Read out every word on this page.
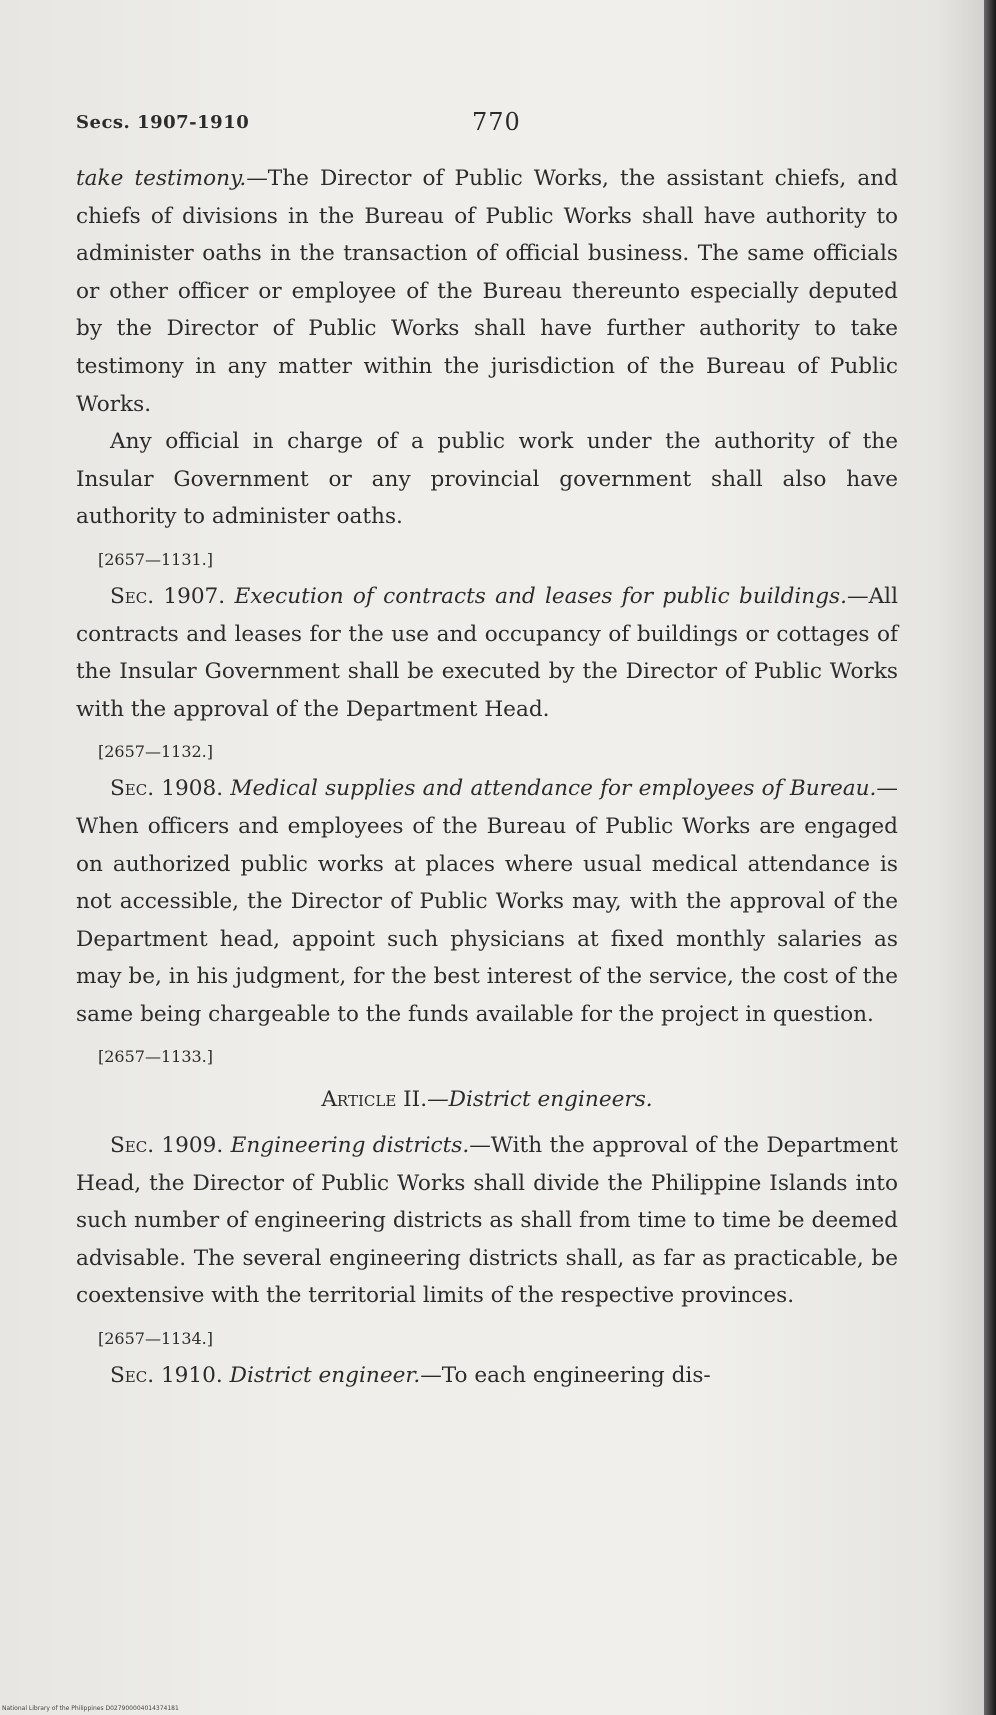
Secs. 1907-1910	770

take testimony.—The Director of Public Works, the assistant chiefs, and chiefs of divisions in the Bureau of Public Works shall have authority to administer oaths in the transaction of official business. The same officials or other officer or employee of the Bureau thereunto especially deputed by the Director of Public Works shall have further authority to take testimony in any matter within the jurisdiction of the Bureau of Public Works.

Any official in charge of a public work under the authority of the Insular Government or any provincial government shall also have authority to administer oaths.

[2657—1131.]

Sec. 1907. Execution of contracts and leases for public buildings.—All contracts and leases for the use and occupancy of buildings or cottages of the Insular Government shall be executed by the Director of Public Works with the approval of the Department Head.

[2657—1132.]

Sec. 1908. Medical supplies and attendance for employees of Bureau.—When officers and employees of the Bureau of Public Works are engaged on authorized public works at places where usual medical attendance is not accessible, the Director of Public Works may, with the approval of the Department head, appoint such physicians at fixed monthly salaries as may be, in his judgment, for the best interest of the service, the cost of the same being chargeable to the funds available for the project in question.

[2657—1133.]

Article II.—District engineers.

Sec. 1909. Engineering districts.—With the approval of the Department Head, the Director of Public Works shall divide the Philippine Islands into such number of engineering districts as shall from time to time be deemed advisable. The several engineering districts shall, as far as practicable, be coextensive with the territorial limits of the respective provinces.

[2657—1134.]

Sec. 1910. District engineer.—To each engineering dis-

National Library of the Philippines D027900004014374181
